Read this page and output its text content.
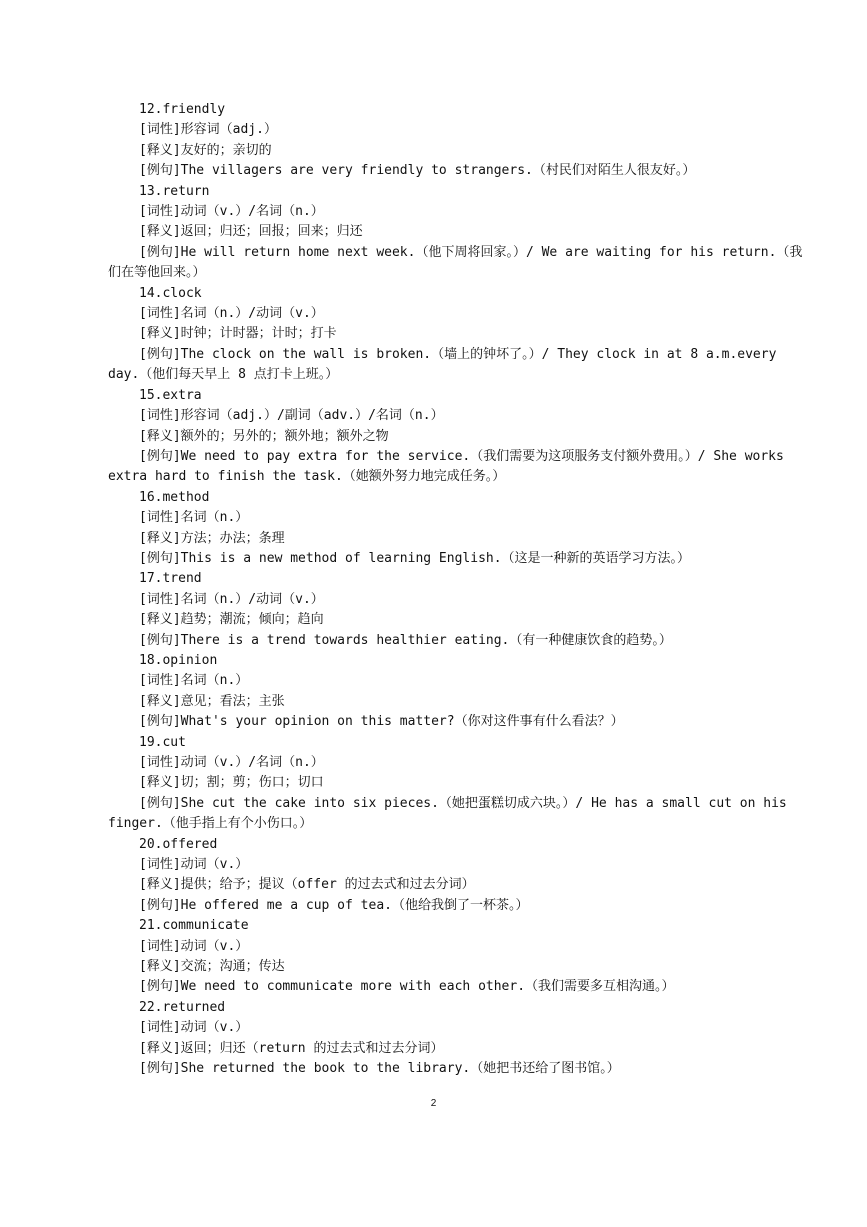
12.friendly
[词性]形容词（adj.）
[释义]友好的；亲切的
[例句]The villagers are very friendly to strangers.（村民们对陌生人很友好。）
13.return
[词性]动词（v.）/名词（n.）
[释义]返回；归还；回报；回来；归还
[例句]He will return home next week.（他下周将回家。）/ We are waiting for his return.（我们在等他回来。）
14.clock
[词性]名词（n.）/动词（v.）
[释义]时钟；计时器；计时；打卡
[例句]The clock on the wall is broken.（墙上的钟坏了。）/ They clock in at 8 a.m.every day.（他们每天早上 8 点打卡上班。）
15.extra
[词性]形容词（adj.）/副词（adv.）/名词（n.）
[释义]额外的；另外的；额外地；额外之物
[例句]We need to pay extra for the service.（我们需要为这项服务支付额外费用。）/ She works extra hard to finish the task.（她额外努力地完成任务。）
16.method
[词性]名词（n.）
[释义]方法；办法；条理
[例句]This is a new method of learning English.（这是一种新的英语学习方法。）
17.trend
[词性]名词（n.）/动词（v.）
[释义]趋势；潮流；倾向；趋向
[例句]There is a trend towards healthier eating.（有一种健康饮食的趋势。）
18.opinion
[词性]名词（n.）
[释义]意见；看法；主张
[例句]What's your opinion on this matter?（你对这件事有什么看法？）
19.cut
[词性]动词（v.）/名词（n.）
[释义]切；割；剪；伤口；切口
[例句]She cut the cake into six pieces.（她把蛋糕切成六块。）/ He has a small cut on his finger.（他手指上有个小伤口。）
20.offered
[词性]动词（v.）
[释义]提供；给予；提议（offer 的过去式和过去分词）
[例句]He offered me a cup of tea.（他给我倒了一杯茶。）
21.communicate
[词性]动词（v.）
[释义]交流；沟通；传达
[例句]We need to communicate more with each other.（我们需要多互相沟通。）
22.returned
[词性]动词（v.）
[释义]返回；归还（return 的过去式和过去分词）
[例句]She returned the book to the library.（她把书还给了图书馆。）
2
